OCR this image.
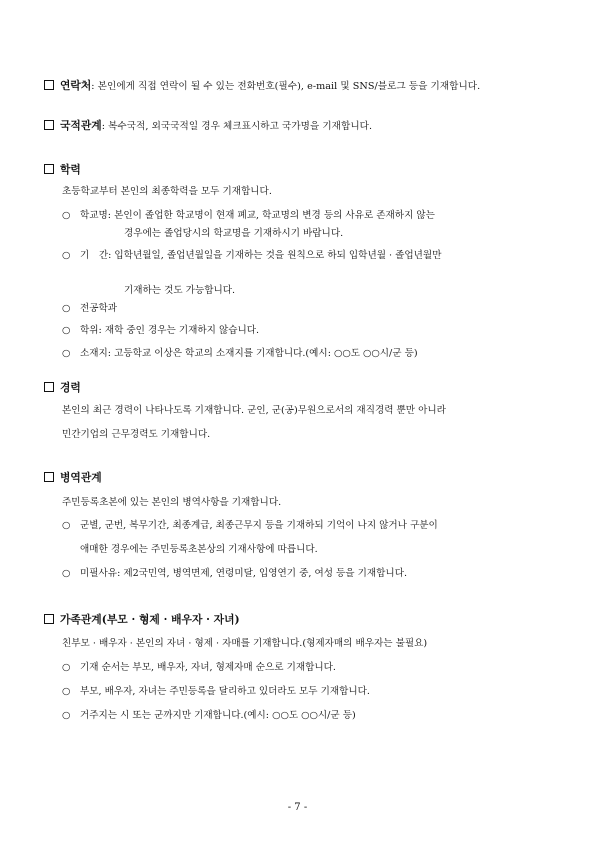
연락처 : 본인에게 직접 연락이 될 수 있는 전화번호(필수), e-mail 및 SNS/블로그 등을 기재합니다.
국적관계 : 복수국적, 외국국적일 경우 체크표시하고 국가명을 기재합니다.
학력
초등학교부터 본인의 최종학력을 모두 기재합니다.
○ 학교명: 본인이 졸업한 학교명이 현재 폐교, 학교명의 변경 등의 사유로 존재하지 않는
경우에는 졸업당시의 학교명을 기재하시기 바랍니다.
○ 기　간: 입학년월일, 졸업년월일을 기재하는 것을 원칙으로 하되 입학년월 · 졸업년월만
기재하는 것도 가능합니다.
○ 전공학과
○ 학위: 재학 중인 경우는 기재하지 않습니다.
○ 소재지: 고등학교 이상은 학교의 소재지를 기재합니다.(예시: ○○도 ○○시/군 등)
경력
본인의 최근 경력이 나타나도록 기재합니다. 군인, 군(공)무원으로서의 재직경력 뿐만 아니라
민간기업의 근무경력도 기재합니다.
병역관계
주민등록초본에 있는 본인의 병역사항을 기재합니다.
○ 군별, 군번, 복무기간, 최종계급, 최종근무지 등을 기재하되 기억이 나지 않거나 구분이
애매한 경우에는 주민등록초본상의 기재사항에 따릅니다.
○ 미필사유: 제2국민역, 병역면제, 연령미달, 입영연기 중, 여성 등을 기재합니다.
가족관계(부모 · 형제 · 배우자 · 자녀)
친부모 · 배우자 · 본인의 자녀 · 형제 · 자매를 기재합니다.(형제자매의 배우자는 불필요)
○ 기재 순서는 부모, 배우자, 자녀, 형제자매 순으로 기재합니다.
○ 부모, 배우자, 자녀는 주민등록을 달리하고 있더라도 모두 기재합니다.
○ 거주지는 시 또는 군까지만 기재합니다.(예시: ○○도 ○○시/군 등)
- 7 -
